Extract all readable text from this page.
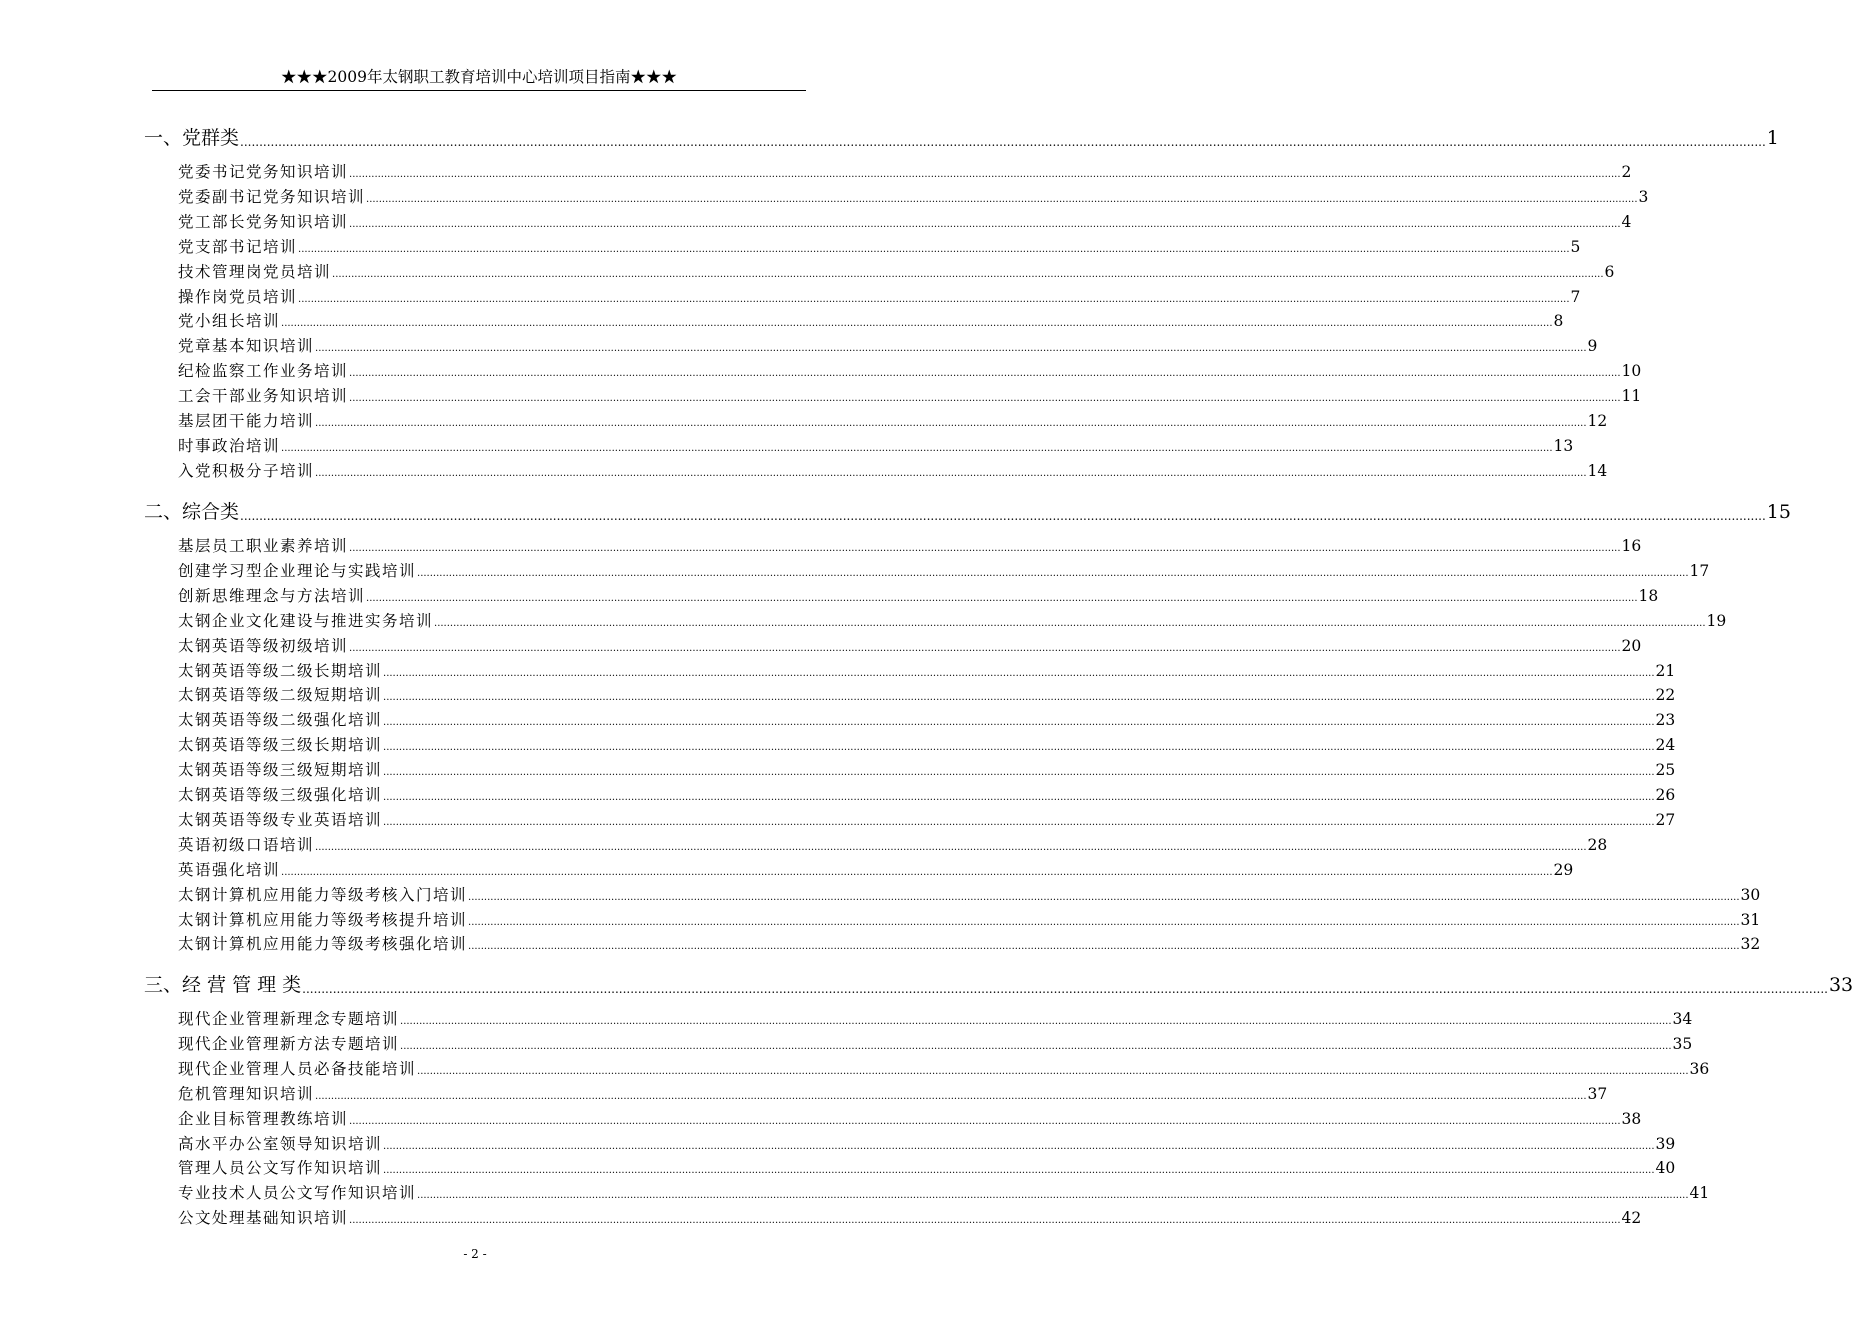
★★★2009年太钢职工教育培训中心培训项目指南★★★
一、党群类 ................................................................................................................................................................................................................................................................................................................................................................................................................ 1
党委书记党务知识培训 ................................................................................................................................................................................................................................................................................................................................................................................................................ 2
党委副书记党务知识培训 ................................................................................................................................................................................................................................................................................................................................................................................................................ 3
党工部长党务知识培训 ................................................................................................................................................................................................................................................................................................................................................................................................................ 4
党支部书记培训 ................................................................................................................................................................................................................................................................................................................................................................................................................ 5
技术管理岗党员培训 ................................................................................................................................................................................................................................................................................................................................................................................................................ 6
操作岗党员培训 ................................................................................................................................................................................................................................................................................................................................................................................................................ 7
党小组长培训 ................................................................................................................................................................................................................................................................................................................................................................................................................ 8
党章基本知识培训 ................................................................................................................................................................................................................................................................................................................................................................................................................ 9
纪检监察工作业务培训 ................................................................................................................................................................................................................................................................................................................................................................................................................ 10
工会干部业务知识培训 ................................................................................................................................................................................................................................................................................................................................................................................................................ 11
基层团干能力培训 ................................................................................................................................................................................................................................................................................................................................................................................................................ 12
时事政治培训 ................................................................................................................................................................................................................................................................................................................................................................................................................ 13
入党积极分子培训 ................................................................................................................................................................................................................................................................................................................................................................................................................ 14
二、综合类 ................................................................................................................................................................................................................................................................................................................................................................................................................ 15
基层员工职业素养培训 ................................................................................................................................................................................................................................................................................................................................................................................................................ 16
创建学习型企业理论与实践培训 ................................................................................................................................................................................................................................................................................................................................................................................................................ 17
创新思维理念与方法培训 ................................................................................................................................................................................................................................................................................................................................................................................................................ 18
太钢企业文化建设与推进实务培训 ................................................................................................................................................................................................................................................................................................................................................................................................................ 19
太钢英语等级初级培训 ................................................................................................................................................................................................................................................................................................................................................................................................................ 20
太钢英语等级二级长期培训 ................................................................................................................................................................................................................................................................................................................................................................................................................ 21
太钢英语等级二级短期培训 ................................................................................................................................................................................................................................................................................................................................................................................................................ 22
太钢英语等级二级强化培训 ................................................................................................................................................................................................................................................................................................................................................................................................................ 23
太钢英语等级三级长期培训 ................................................................................................................................................................................................................................................................................................................................................................................................................ 24
太钢英语等级三级短期培训 ................................................................................................................................................................................................................................................................................................................................................................................................................ 25
太钢英语等级三级强化培训 ................................................................................................................................................................................................................................................................................................................................................................................................................ 26
太钢英语等级专业英语培训 ................................................................................................................................................................................................................................................................................................................................................................................................................ 27
英语初级口语培训 ................................................................................................................................................................................................................................................................................................................................................................................................................ 28
英语强化培训 ................................................................................................................................................................................................................................................................................................................................................................................................................ 29
太钢计算机应用能力等级考核入门培训 ................................................................................................................................................................................................................................................................................................................................................................................................................ 30
太钢计算机应用能力等级考核提升培训 ................................................................................................................................................................................................................................................................................................................................................................................................................ 31
太钢计算机应用能力等级考核强化培训 ................................................................................................................................................................................................................................................................................................................................................................................................................ 32
三、经 营 管 理 类 ................................................................................................................................................................................................................................................................................................................................................................................................................ 33
现代企业管理新理念专题培训 ................................................................................................................................................................................................................................................................................................................................................................................................................ 34
现代企业管理新方法专题培训 ................................................................................................................................................................................................................................................................................................................................................................................................................ 35
现代企业管理人员必备技能培训 ................................................................................................................................................................................................................................................................................................................................................................................................................ 36
危机管理知识培训 ................................................................................................................................................................................................................................................................................................................................................................................................................ 37
企业目标管理教练培训 ................................................................................................................................................................................................................................................................................................................................................................................................................ 38
高水平办公室领导知识培训 ................................................................................................................................................................................................................................................................................................................................................................................................................ 39
管理人员公文写作知识培训 ................................................................................................................................................................................................................................................................................................................................................................................................................ 40
专业技术人员公文写作知识培训 ................................................................................................................................................................................................................................................................................................................................................................................................................ 41
公文处理基础知识培训 ................................................................................................................................................................................................................................................................................................................................................................................................................ 42
- 2 -
